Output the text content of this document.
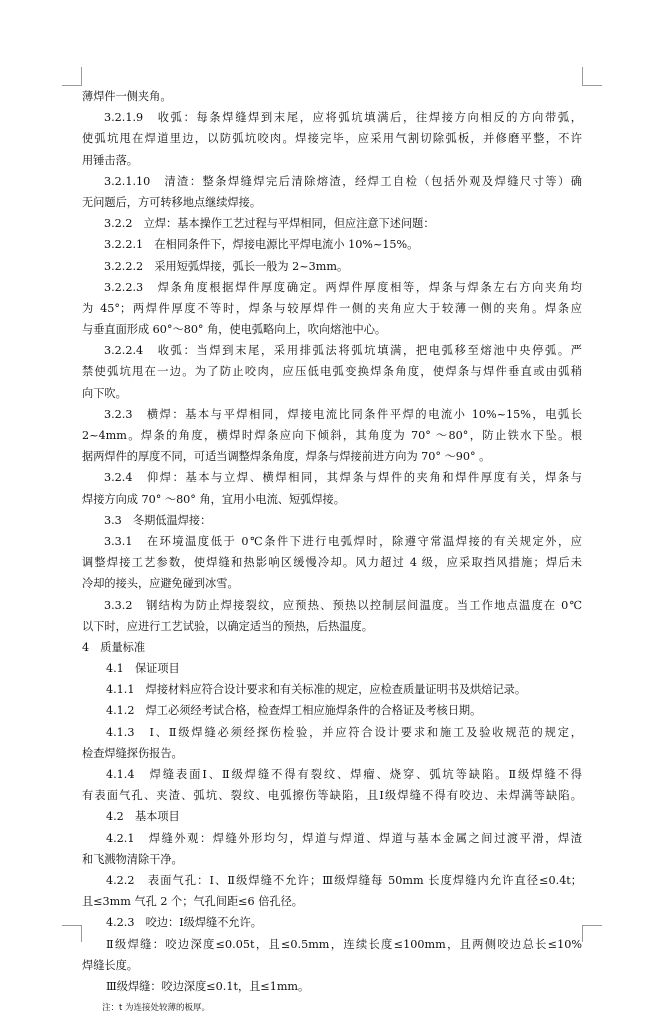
薄焊件一侧夹角。
3.2.1.9　收弧：每条焊缝焊到末尾，应将弧坑填满后，往焊接方向相反的方向带弧，
使弧坑甩在焊道里边，以防弧坑咬肉。焊接完毕，应采用气割切除弧板，并修磨平整，不许
用锤击落。
3.2.1.10　清渣：整条焊缝焊完后清除熔渣，经焊工自检（包括外观及焊缝尺寸等）确
无问题后，方可转移地点继续焊接。
3.2.2　立焊：基本操作工艺过程与平焊相同，但应注意下述问题：
3.2.2.1　在相同条件下，焊接电源比平焊电流小 10%~15%。
3.2.2.2　采用短弧焊接，弧长一般为 2~3mm。
3.2.2.3　焊条角度根据焊件厚度确定。两焊件厚度相等，焊条与焊条左右方向夹角均
为 45°；两焊件厚度不等时，焊条与较厚焊件一侧的夹角应大于较薄一侧的夹角。焊条应
与垂直面形成 60°～80° 角，使电弧略向上，吹向熔池中心。
3.2.2.4　收弧：当焊到末尾，采用排弧法将弧坑填满，把电弧移至熔池中央停弧。严
禁使弧坑甩在一边。为了防止咬肉，应压低电弧变换焊条角度，使焊条与焊件垂直或由弧稍
向下吹。
3.2.3　横焊：基本与平焊相同，焊接电流比同条件平焊的电流小 10%~15%，电弧长
2~4mm。焊条的角度，横焊时焊条应向下倾斜，其角度为 70° ～80°，防止铁水下坠。根
据两焊件的厚度不同，可适当调整焊条角度，焊条与焊接前进方向为 70° ～90° 。
3.2.4　仰焊：基本与立焊、横焊相同，其焊条与焊件的夹角和焊件厚度有关，焊条与
焊接方向成 70° ～80° 角，宜用小电流、短弧焊接。
3.3　冬期低温焊接：
3.3.1　在环境温度低于 0℃条件下进行电弧焊时，除遵守常温焊接的有关规定外，应
调整焊接工艺参数，使焊缝和热影响区缓慢冷却。风力超过 4 级，应采取挡风措施；焊后未
冷却的接头，应避免碰到冰雪。
3.3.2　钢结构为防止焊接裂纹，应预热、预热以控制层间温度。当工作地点温度在 0℃
以下时，应进行工艺试验，以确定适当的预热，后热温度。
4　质量标准
4.1　保证项目
4.1.1　焊接材料应符合设计要求和有关标准的规定，应检查质量证明书及烘焙记录。
4.1.2　焊工必须经考试合格，检查焊工相应施焊条件的合格证及考核日期。
4.1.3　Ⅰ、Ⅱ级焊缝必须经探伤检验，并应符合设计要求和施工及验收规范的规定，
检查焊缝探伤报告。
4.1.4　焊缝表面Ⅰ、Ⅱ级焊缝不得有裂纹、焊瘤、烧穿、弧坑等缺陷。Ⅱ级焊缝不得
有表面气孔、夹渣、弧坑、裂纹、电弧擦伤等缺陷，且Ⅰ级焊缝不得有咬边、未焊满等缺陷。
4.2　基本项目
4.2.1　焊缝外观：焊缝外形均匀，焊道与焊道、焊道与基本金属之间过渡平滑，焊渣
和飞溅物清除干净。
4.2.2　表面气孔：Ⅰ、Ⅱ级焊缝不允许；Ⅲ级焊缝每 50mm 长度焊缝内允许直径≤0.4t；
且≤3mm 气孔 2 个；气孔间距≤6 倍孔径。
4.2.3　咬边：Ⅰ级焊缝不允许。
Ⅱ级焊缝：咬边深度≤0.05t，且≤0.5mm，连续长度≤100mm，且两侧咬边总长≤10%
焊缝长度。
Ⅲ级焊缝：咬边深度≤0.1t，且≤1mm。
注：t 为连接处较薄的板厚。
